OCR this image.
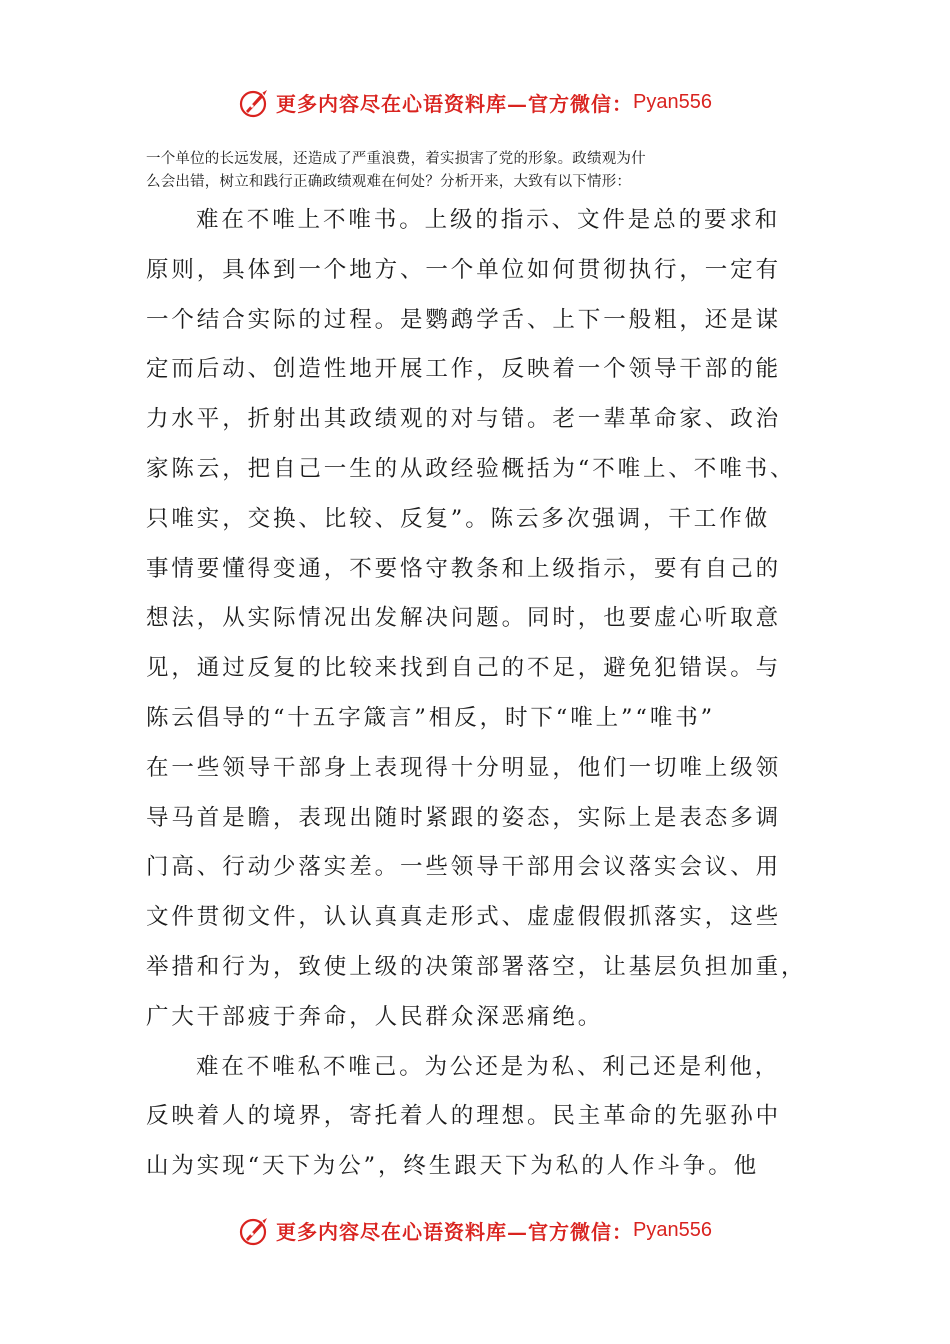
更多内容尽在心语资料库—官方微信： Pyan556
一个单位的长远发展，还造成了严重浪费，着实损害了党的形象。政绩观为什
么会出错，树立和践行正确政绩观难在何处？分析开来，大致有以下情形：
难在不唯上不唯书。上级的指示、文件是总的要求和
原则，具体到一个地方、一个单位如何贯彻执行，一定有
一个结合实际的过程。是鹦鹉学舌、上下一般粗，还是谋
定而后动、创造性地开展工作，反映着一个领导干部的能
力水平，折射出其政绩观的对与错。老一辈革命家、政治
家陈云，把自己一生的从政经验概括为“不唯上、不唯书、
只唯实，交换、比较、反复”。陈云多次强调，干工作做
事情要懂得变通，不要恪守教条和上级指示，要有自己的
想法，从实际情况出发解决问题。同时，也要虚心听取意
见，通过反复的比较来找到自己的不足，避免犯错误。与
陈云倡导的“十五字箴言”相反，时下“唯上”“唯书”
在一些领导干部身上表现得十分明显，他们一切唯上级领
导马首是瞻，表现出随时紧跟的姿态，实际上是表态多调
门高、行动少落实差。一些领导干部用会议落实会议、用
文件贯彻文件，认认真真走形式、虚虚假假抓落实，这些
举措和行为，致使上级的决策部署落空，让基层负担加重，
广大干部疲于奔命，人民群众深恶痛绝。
难在不唯私不唯己。为公还是为私、利己还是利他，
反映着人的境界，寄托着人的理想。民主革命的先驱孙中
山为实现“天下为公”，终生跟天下为私的人作斗争。他
更多内容尽在心语资料库—官方微信： Pyan556
